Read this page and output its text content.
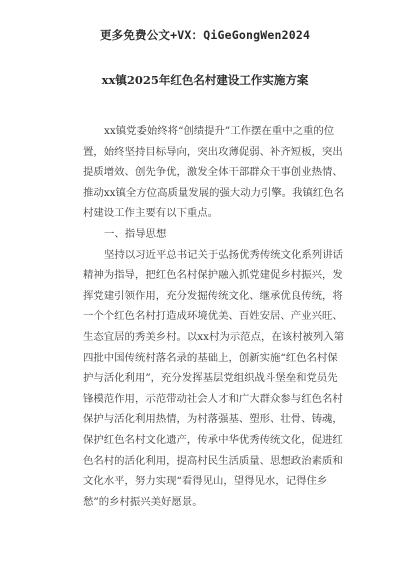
更多免费公文+VX：QiGeGongWen2024
xx镇2025年红色名村建设工作实施方案
xx镇党委始终将“创绩提升”工作摆在重中之重的位
置，始终坚持目标导向，突出攻薄促弱、补齐短板，突出
提质增效、创先争优，激发全体干部群众干事创业热情、
推动xx镇全方位高质量发展的强大动力引擎。我镇红色名
村建设工作主要有以下重点。
一、指导思想
坚持以习近平总书记关于弘扬优秀传统文化系列讲话
精神为指导，把红色名村保护融入抓党建促乡村振兴，发
挥党建引领作用，充分发掘传统文化、继承优良传统，将
一个个红色名村打造成环境优美、百姓安居、产业兴旺、
生态宜居的秀美乡村。以xx村为示范点，在该村被列入第
四批中国传统村落名录的基础上，创新实施“红色名村保
护与活化利用”，充分发挥基层党组织战斗堡垒和党员先
锋模范作用，示范带动社会人才和广大群众参与红色名村
保护与活化利用热情，为村落强基、塑形、壮骨、铸魂，
保护红色名村文化遗产，传承中华优秀传统文化，促进红
色名村的活化利用，提高村民生活质量、思想政治素质和
文化水平，努力实现“看得见山，望得见水，记得住乡
愁”的乡村振兴美好愿景。
